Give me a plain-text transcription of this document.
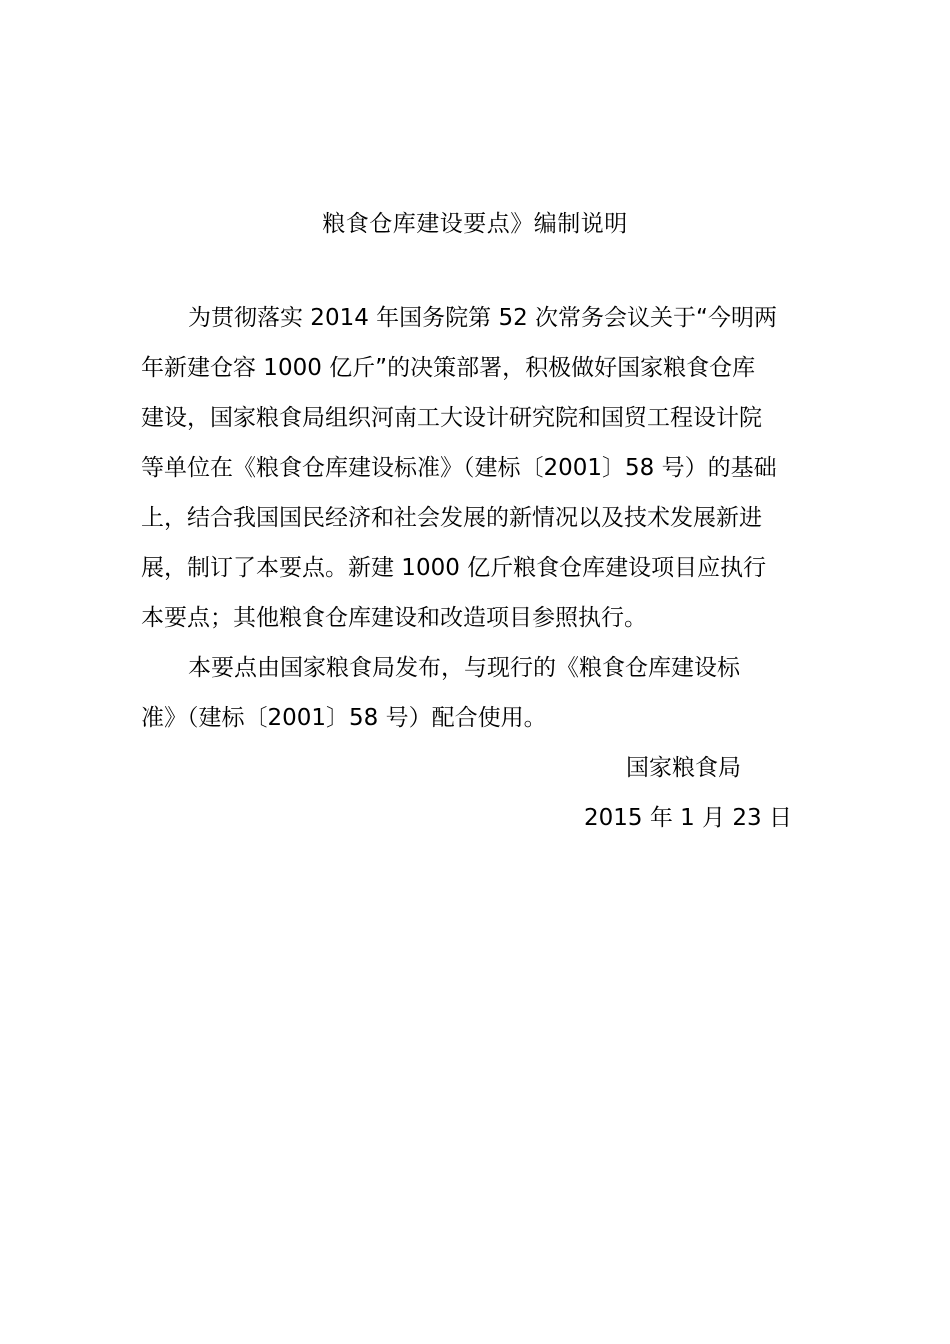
粮食仓库建设要点》编制说明
为贯彻落实 2014 年国务院第 52 次常务会议关于“今明两
年新建仓容 1000 亿斤”的决策部署，积极做好国家粮食仓库
建设，国家粮食局组织河南工大设计研究院和国贸工程设计院
等单位在《粮食仓库建设标准》（建标〔2001〕58 号）的基础
上，结合我国国民经济和社会发展的新情况以及技术发展新进
展，制订了本要点。新建 1000 亿斤粮食仓库建设项目应执行
本要点；其他粮食仓库建设和改造项目参照执行。
本要点由国家粮食局发布，与现行的《粮食仓库建设标
准》（建标〔2001〕58 号）配合使用。
国家粮食局
2015 年 1 月 23 日
